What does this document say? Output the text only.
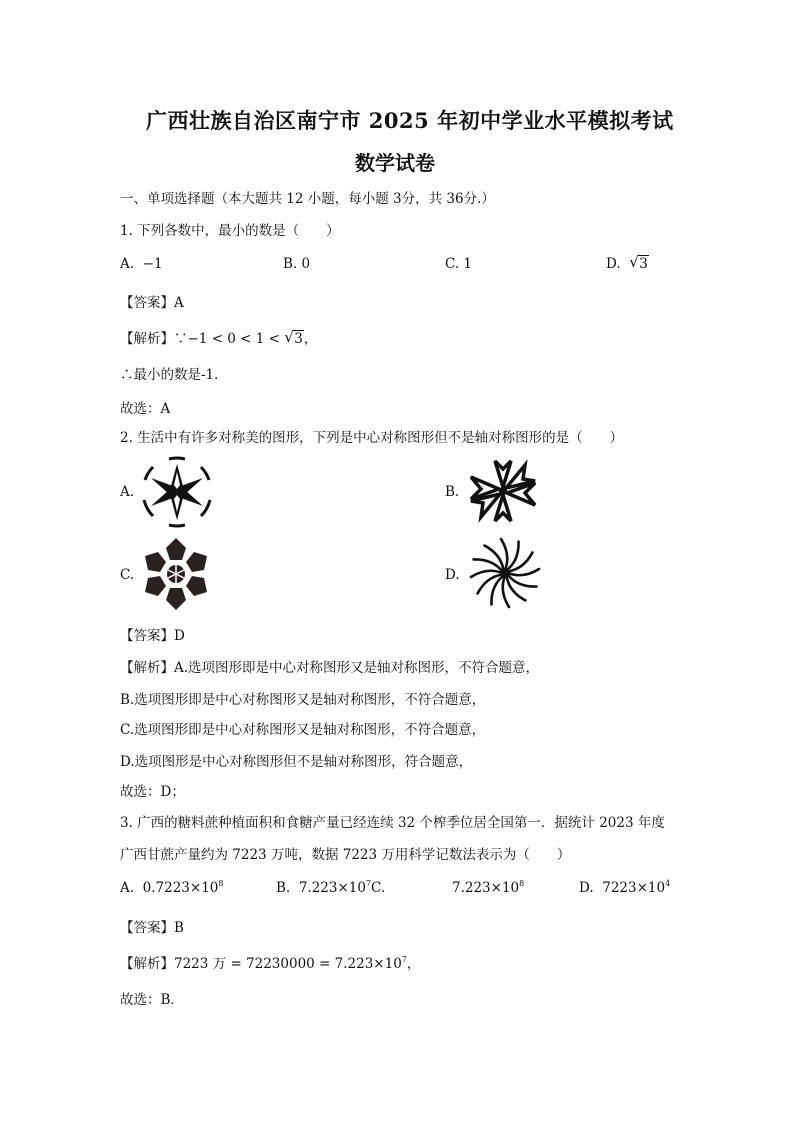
广西壮族自治区南宁市 2025 年初中学业水平模拟考试
数学试卷
一、单项选择题（本大题共 12 小题，每小题 3分，共 36分.）
1. 下列各数中，最小的数是（　　）
A. −1	B. 0	C. 1	D. √ 3
【答案】A
【解析】∵−1 < 0 < 1 < √ 3，
∴最小的数是-1．
故选：A
2. 生活中有许多对称美的图形，下列是中心对称图形但不是轴对称图形的是（　　）
A.	B.
C.	D.
【答案】D
【解析】A.选项图形即是中心对称图形又是轴对称图形，不符合题意，
B.选项图形即是中心对称图形又是轴对称图形，不符合题意，
C.选项图形即是中心对称图形又是轴对称图形，不符合题意，
D.选项图形是中心对称图形但不是轴对称图形，符合题意，
故选：D；
3. 广西的糖料蔗种植面积和食糖产量已经连续 32 个榨季位居全国第一．据统计 2023 年度
广西甘蔗产量约为 7223 万吨，数据 7223 万用科学记数法表示为（　　）
A. $0.7223\times 10^8$	B. $7.223\times 10^7C$.	$7.223\times 10^8$	D. $7223\times 10^4$
【答案】B
【解析】7223 万 = $72230000 = 7.223\times 10^7$，
故选：B．
